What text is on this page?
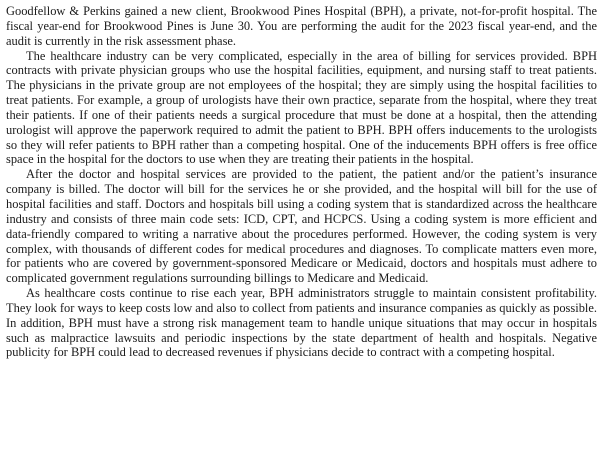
Goodfellow & Perkins gained a new client, Brookwood Pines Hospital (BPH), a private, not-for-profit hospital. The fiscal year-end for Brookwood Pines is June 30. You are performing the audit for the 2023 fiscal year-end, and the audit is currently in the risk assessment phase.

The healthcare industry can be very complicated, especially in the area of billing for services provided. BPH contracts with private physician groups who use the hospital facilities, equipment, and nursing staff to treat patients. The physicians in the private group are not employees of the hospital; they are simply using the hospital facilities to treat patients. For example, a group of urologists have their own practice, separate from the hospital, where they treat their patients. If one of their patients needs a surgical procedure that must be done at a hospital, then the attending urologist will approve the paperwork required to admit the patient to BPH. BPH offers inducements to the urologists so they will refer patients to BPH rather than a competing hospital. One of the inducements BPH offers is free office space in the hospital for the doctors to use when they are treating their patients in the hospital.

After the doctor and hospital services are provided to the patient, the patient and/or the patient’s insurance company is billed. The doctor will bill for the services he or she provided, and the hospital will bill for the use of hospital facilities and staff. Doctors and hospitals bill using a coding system that is standardized across the healthcare industry and consists of three main code sets: ICD, CPT, and HCPCS. Using a coding system is more efficient and data-friendly compared to writing a narrative about the procedures performed. However, the coding system is very complex, with thousands of different codes for medical procedures and diagnoses. To complicate matters even more, for patients who are covered by government-sponsored Medicare or Medicaid, doctors and hospitals must adhere to complicated government regulations surrounding billings to Medicare and Medicaid.

As healthcare costs continue to rise each year, BPH administrators struggle to maintain consistent profitability. They look for ways to keep costs low and also to collect from patients and insurance companies as quickly as possible. In addition, BPH must have a strong risk management team to handle unique situations that may occur in hospitals such as malpractice lawsuits and periodic inspections by the state department of health and hospitals. Negative publicity for BPH could lead to decreased revenues if physicians decide to contract with a competing hospital.
